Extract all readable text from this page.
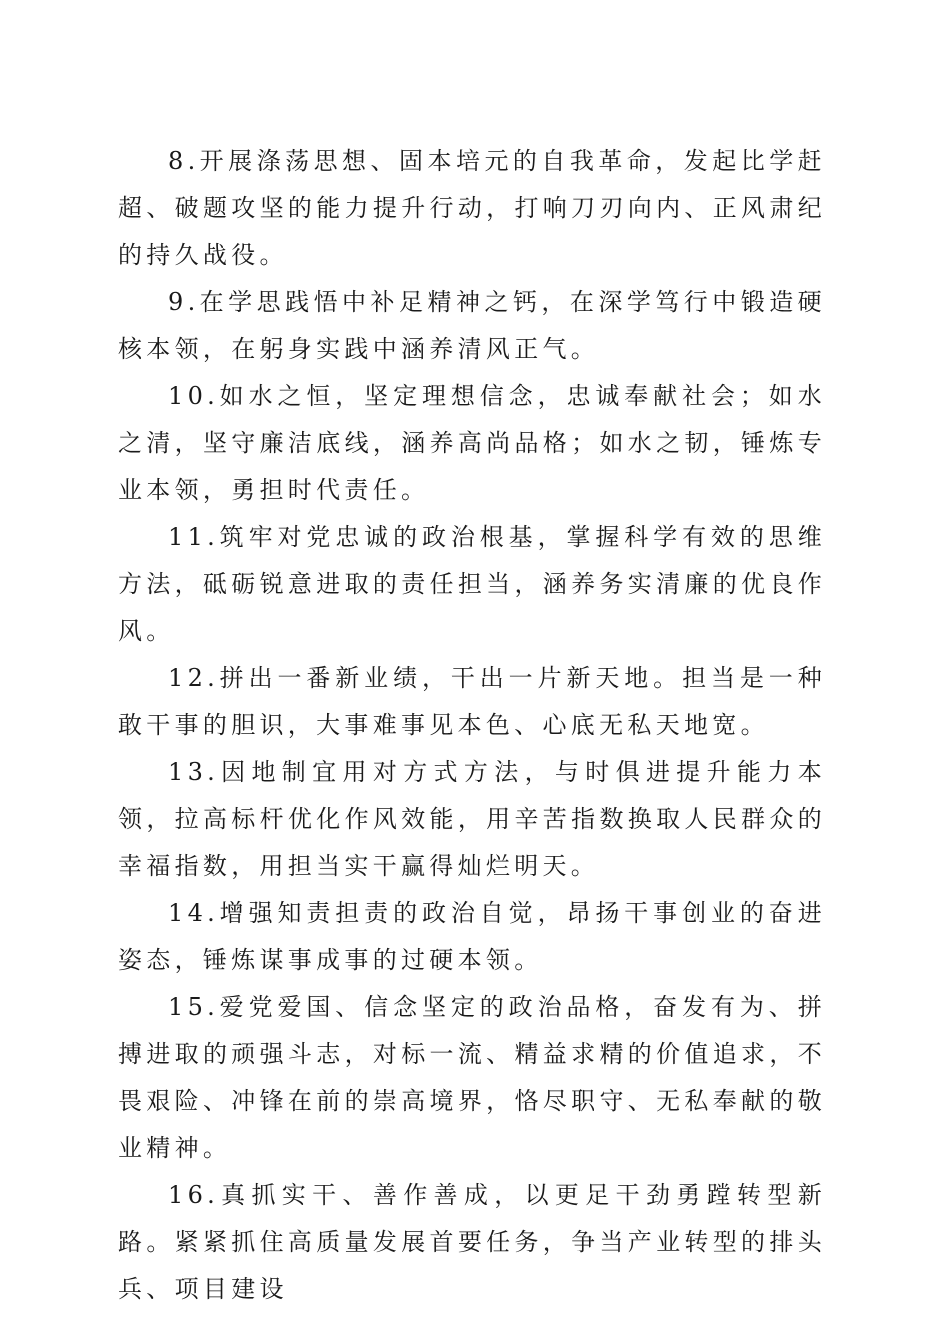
8.开展涤荡思想、固本培元的自我革命，发起比学赶超、破题攻坚的能力提升行动，打响刀刃向内、正风肃纪的持久战役。

9.在学思践悟中补足精神之钙，在深学笃行中锻造硬核本领，在躬身实践中涵养清风正气。

10.如水之恒，坚定理想信念，忠诚奉献社会；如水之清，坚守廉洁底线，涵养高尚品格；如水之韧，锤炼专业本领，勇担时代责任。

11.筑牢对党忠诚的政治根基，掌握科学有效的思维方法，砥砺锐意进取的责任担当，涵养务实清廉的优良作风。

12.拼出一番新业绩，干出一片新天地。担当是一种敢干事的胆识，大事难事见本色、心底无私天地宽。

13.因地制宜用对方式方法，与时俱进提升能力本领，拉高标杆优化作风效能，用辛苦指数换取人民群众的幸福指数，用担当实干赢得灿烂明天。

14.增强知责担责的政治自觉，昂扬干事创业的奋进姿态，锤炼谋事成事的过硬本领。

15.爱党爱国、信念坚定的政治品格，奋发有为、拼搏进取的顽强斗志，对标一流、精益求精的价值追求，不畏艰险、冲锋在前的崇高境界，恪尽职守、无私奉献的敬业精神。

16.真抓实干、善作善成，以更足干劲勇蹚转型新路。紧紧抓住高质量发展首要任务，争当产业转型的排头兵、项目建设
